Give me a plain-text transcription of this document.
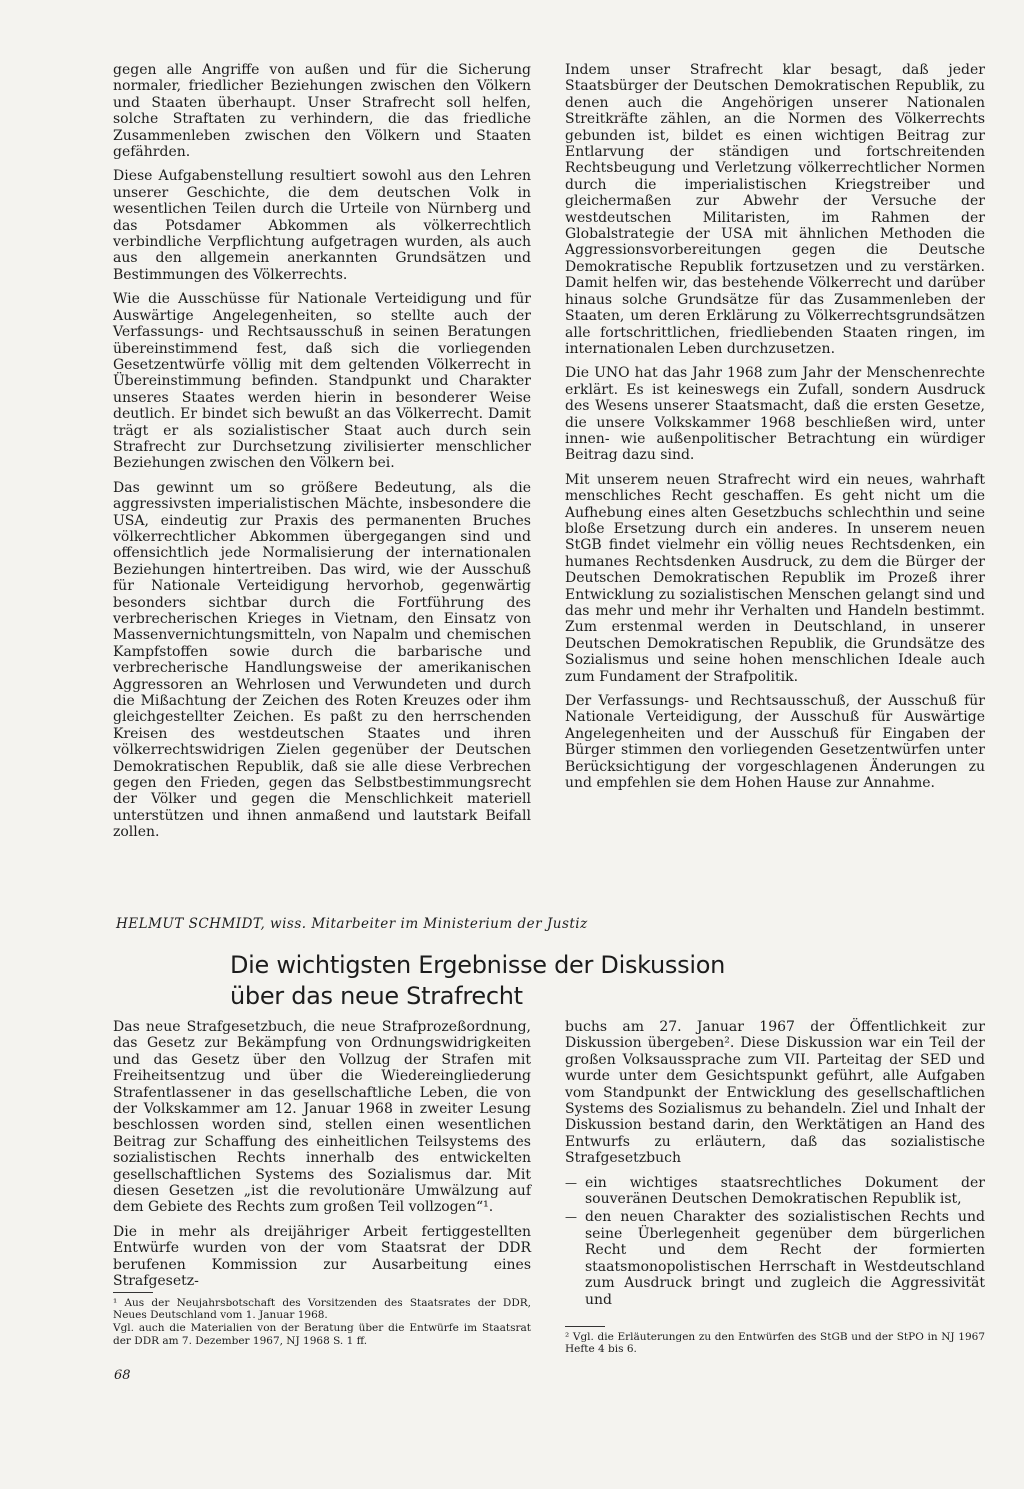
gegen alle Angriffe von außen und für die Sicherung normaler, friedlicher Beziehungen zwischen den Völkern und Staaten überhaupt. Unser Strafrecht soll helfen, solche Straftaten zu verhindern, die das friedliche Zusammenleben zwischen den Völkern und Staaten gefährden.

Diese Aufgabenstellung resultiert sowohl aus den Lehren unserer Geschichte, die dem deutschen Volk in wesentlichen Teilen durch die Urteile von Nürnberg und das Potsdamer Abkommen als völkerrechtlich verbindliche Verpflichtung aufgetragen wurden, als auch aus den allgemein anerkannten Grundsätzen und Bestimmungen des Völkerrechts.

Wie die Ausschüsse für Nationale Verteidigung und für Auswärtige Angelegenheiten, so stellte auch der Verfassungs- und Rechtsausschuß in seinen Beratungen übereinstimmend fest, daß sich die vorliegenden Gesetzentwürfe völlig mit dem geltenden Völkerrecht in Übereinstimmung befinden. Standpunkt und Charakter unseres Staates werden hierin in besonderer Weise deutlich. Er bindet sich bewußt an das Völkerrecht. Damit trägt er als sozialistischer Staat auch durch sein Strafrecht zur Durchsetzung zivilisierter menschlicher Beziehungen zwischen den Völkern bei.

Das gewinnt um so größere Bedeutung, als die aggressivsten imperialistischen Mächte, insbesondere die USA, eindeutig zur Praxis des permanenten Bruches völkerrechtlicher Abkommen übergegangen sind und offensichtlich jede Normalisierung der internationalen Beziehungen hintertreiben. Das wird, wie der Ausschuß für Nationale Verteidigung hervorhob, gegenwärtig besonders sichtbar durch die Fortführung des verbrecherischen Krieges in Vietnam, den Einsatz von Massenvernichtungsmitteln, von Napalm und chemischen Kampfstoffen sowie durch die barbarische und verbrecherische Handlungsweise der amerikanischen Aggressoren an Wehrlosen und Verwundeten und durch die Mißachtung der Zeichen des Roten Kreuzes oder ihm gleichgestellter Zeichen. Es paßt zu den herrschenden Kreisen des westdeutschen Staates und ihren völkerrechtswidrigen Zielen gegenüber der Deutschen Demokratischen Republik, daß sie alle diese Verbrechen gegen den Frieden, gegen das Selbstbestimmungsrecht der Völker und gegen die Menschlichkeit materiell unterstützen und ihnen anmaßend und lautstark Beifall zollen.

Indem unser Strafrecht klar besagt, daß jeder Staatsbürger der Deutschen Demokratischen Republik, zu denen auch die Angehörigen unserer Nationalen Streitkräfte zählen, an die Normen des Völkerrechts gebunden ist, bildet es einen wichtigen Beitrag zur Entlarvung der ständigen und fortschreitenden Rechtsbeugung und Verletzung völkerrechtlicher Normen durch die imperialistischen Kriegstreiber und gleichermaßen zur Abwehr der Versuche der westdeutschen Militaristen, im Rahmen der Globalstrategie der USA mit ähnlichen Methoden die Aggressionsvorbereitungen gegen die Deutsche Demokratische Republik fortzusetzen und zu verstärken. Damit helfen wir, das bestehende Völkerrecht und darüber hinaus solche Grundsätze für das Zusammenleben der Staaten, um deren Erklärung zu Völkerrechtsgrundsätzen alle fortschrittlichen, friedliebenden Staaten ringen, im internationalen Leben durchzusetzen.

Die UNO hat das Jahr 1968 zum Jahr der Menschenrechte erklärt. Es ist keineswegs ein Zufall, sondern Ausdruck des Wesens unserer Staatsmacht, daß die ersten Gesetze, die unsere Volkskammer 1968 beschließen wird, unter innen- wie außenpolitischer Betrachtung ein würdiger Beitrag dazu sind.

Mit unserem neuen Strafrecht wird ein neues, wahrhaft menschliches Recht geschaffen. Es geht nicht um die Aufhebung eines alten Gesetzbuchs schlechthin und seine bloße Ersetzung durch ein anderes. In unserem neuen StGB findet vielmehr ein völlig neues Rechtsdenken, ein humanes Rechtsdenken Ausdruck, zu dem die Bürger der Deutschen Demokratischen Republik im Prozeß ihrer Entwicklung zu sozialistischen Menschen gelangt sind und das mehr und mehr ihr Verhalten und Handeln bestimmt. Zum erstenmal werden in Deutschland, in unserer Deutschen Demokratischen Republik, die Grundsätze des Sozialismus und seine hohen menschlichen Ideale auch zum Fundament der Strafpolitik.

Der Verfassungs- und Rechtsausschuß, der Ausschuß für Nationale Verteidigung, der Ausschuß für Auswärtige Angelegenheiten und der Ausschuß für Eingaben der Bürger stimmen den vorliegenden Gesetzentwürfen unter Berücksichtigung der vorgeschlagenen Änderungen zu und empfehlen sie dem Hohen Hause zur Annahme.

HELMUT SCHMIDT, wiss. Mitarbeiter im Ministerium der Justiz
Die wichtigsten Ergebnisse der Diskussion
über das neue Strafrecht

Das neue Strafgesetzbuch, die neue Strafprozeßordnung, das Gesetz zur Bekämpfung von Ordnungswidrigkeiten und das Gesetz über den Vollzug der Strafen mit Freiheitsentzug und über die Wiedereingliederung Strafentlassener in das gesellschaftliche Leben, die von der Volkskammer am 12. Januar 1968 in zweiter Lesung beschlossen worden sind, stellen einen wesentlichen Beitrag zur Schaffung des einheitlichen Teilsystems des sozialistischen Rechts innerhalb des entwickelten gesellschaftlichen Systems des Sozialismus dar. Mit diesen Gesetzen „ist die revolutionäre Umwälzung auf dem Gebiete des Rechts zum großen Teil vollzogen“¹.

Die in mehr als dreijähriger Arbeit fertiggestellten Entwürfe wurden von der vom Staatsrat der DDR berufenen Kommission zur Ausarbeitung eines Strafgesetz-

buchs am 27. Januar 1967 der Öffentlichkeit zur Diskussion übergeben². Diese Diskussion war ein Teil der großen Volksaussprache zum VII. Parteitag der SED und wurde unter dem Gesichtspunkt geführt, alle Aufgaben vom Standpunkt der Entwicklung des gesellschaftlichen Systems des Sozialismus zu behandeln. Ziel und Inhalt der Diskussion bestand darin, den Werktätigen an Hand des Entwurfs zu erläutern, daß das sozialistische Strafgesetzbuch

— ein wichtiges staatsrechtliches Dokument der souveränen Deutschen Demokratischen Republik ist,
— den neuen Charakter des sozialistischen Rechts und seine Überlegenheit gegenüber dem bürgerlichen Recht und dem Recht der formierten staatsmonopolistischen Herrschaft in Westdeutschland zum Ausdruck bringt und zugleich die Aggressivität und

¹ Aus der Neujahrsbotschaft des Vorsitzenden des Staatsrates der DDR, Neues Deutschland vom 1. Januar 1968.

Vgl. auch die Materialien von der Beratung über die Entwürfe im Staatsrat der DDR am 7. Dezember 1967, NJ 1968 S. 1 ff.	² Vgl. die Erläuterungen zu den Entwürfen des StGB und der StPO in NJ 1967 Hefte 4 bis 6.
68
